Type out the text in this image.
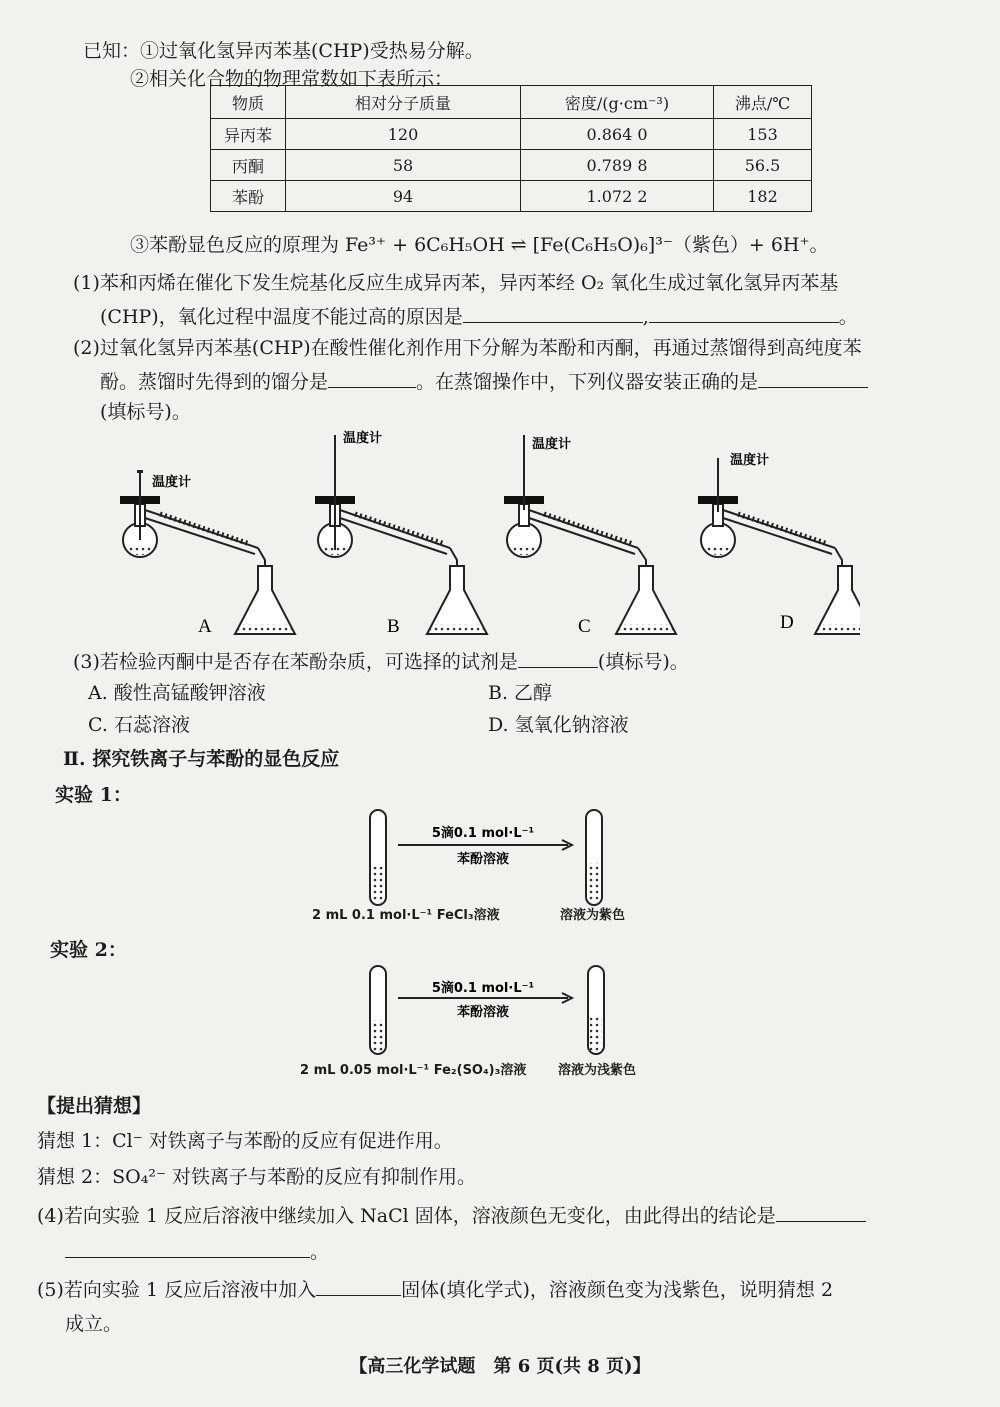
已知：①过氧化氢异丙苯基(CHP)受热易分解。
②相关化合物的物理常数如下表所示：
物质	相对分子质量	密度/(g·cm⁻³)	沸点/℃
异丙苯	120	0.864 0	153
丙酮	58	0.789 8	56.5
苯酚	94	1.072 2	182
③苯酚显色反应的原理为 Fe³⁺ + 6C₆H₅OH ⇌ [Fe(C₆H₅O)₆]³⁻（紫色）+ 6H⁺。
(1)苯和丙烯在催化下发生烷基化反应生成异丙苯，异丙苯经 O₂ 氧化生成过氧化氢异丙苯基
(CHP)，氧化过程中温度不能过高的原因是	,	。
(2)过氧化氢异丙苯基(CHP)在酸性催化剂作用下分解为苯酚和丙酮，再通过蒸馏得到高纯度苯
酚。蒸馏时先得到的馏分是	。在蒸馏操作中，下列仪器安装正确的是
(填标号)。
温度计
A
温度计
B
温度计
C
温度计
D
(3)若检验丙酮中是否存在苯酚杂质，可选择的试剂是	(填标号)。
A. 酸性高锰酸钾溶液	B. 乙醇
C. 石蕊溶液	D. 氢氧化钠溶液
Ⅱ. 探究铁离子与苯酚的显色反应
实验 1：
5滴0.1 mol·L⁻¹
苯酚溶液
2 mL 0.1 mol·L⁻¹ FeCl₃溶液	溶液为紫色
实验 2：
5滴0.1 mol·L⁻¹
苯酚溶液
2 mL 0.05 mol·L⁻¹ Fe₂(SO₄)₃溶液 溶液为浅紫色
【提出猜想】
猜想 1：Cl⁻ 对铁离子与苯酚的反应有促进作用。
猜想 2：SO₄²⁻ 对铁离子与苯酚的反应有抑制作用。
(4)若向实验 1 反应后溶液中继续加入 NaCl 固体，溶液颜色无变化，由此得出的结论是
。
(5)若向实验 1 反应后溶液中加入	固体(填化学式)，溶液颜色变为浅紫色，说明猜想 2
成立。
【高三化学试题　第 6 页(共 8 页)】
